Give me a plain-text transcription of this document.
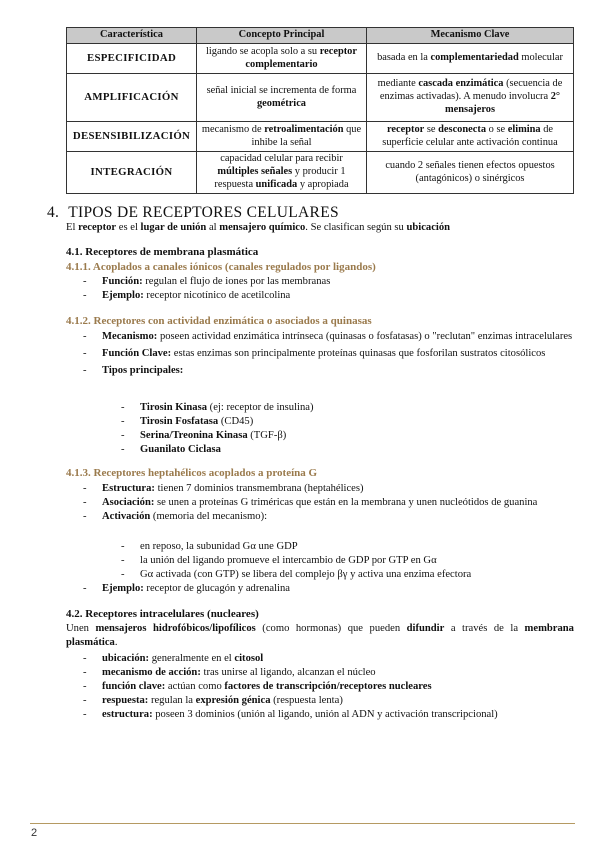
Característica	Concepto Principal	Mecanismo Clave
ESPECIFICIDAD	ligando se acopla solo a su receptor complementario	basada en la complementariedad molecular
AMPLIFICACIÓN	señal inicial se incrementa de forma geométrica	mediante cascada enzimática (secuencia de enzimas activadas). A menudo involucra 2° mensajeros
DESENSIBILIZACIÓN	mecanismo de retroalimentación que inhibe la señal	receptor se desconecta o se elimina de superficie celular ante activación continua
INTEGRACIÓN	capacidad celular para recibir múltiples señales y producir 1 respuesta unificada y apropiada	cuando 2 señales tienen efectos opuestos (antagónicos) o sinérgicos
4. TIPOS DE RECEPTORES CELULARES
El receptor es el lugar de unión al mensajero químico. Se clasifican según su ubicación
4.1. Receptores de membrana plasmática
4.1.1. Acoplados a canales iónicos (canales regulados por ligandos)
- Función: regulan el flujo de iones por las membranas
- Ejemplo: receptor nicotínico de acetilcolina
4.1.2. Receptores con actividad enzimática o asociados a quinasas
- Mecanismo: poseen actividad enzimática intrínseca (quinasas o fosfatasas) o "reclutan" enzimas intracelulares
- Función Clave: estas enzimas son principalmente proteínas quinasas que fosforilan sustratos citosólicos
- Tipos principales:
- Tirosin Kinasa (ej: receptor de insulina)
- Tirosin Fosfatasa (CD45)
- Serina/Treonina Kinasa (TGF-β)
- Guanilato Ciclasa
4.1.3. Receptores heptahélicos acoplados a proteína G
- Estructura: tienen 7 dominios transmembrana (heptahélices)
- Asociación: se unen a proteínas G triméricas que están en la membrana y unen nucleótidos de guanina
- Activación (memoria del mecanismo):
- en reposo, la subunidad Gα une GDP
- la unión del ligando promueve el intercambio de GDP por GTP en Gα
- Gα activada (con GTP) se libera del complejo βγ y activa una enzima efectora
- Ejemplo: receptor de glucagón y adrenalina
4.2. Receptores intracelulares (nucleares)
Unen mensajeros hidrofóbicos/lipofílicos (como hormonas) que pueden difundir a través de la membrana plasmática.
- ubicación: generalmente en el citosol
- mecanismo de acción: tras unirse al ligando, alcanzan el núcleo
- función clave: actúan como factores de transcripción/receptores nucleares
- respuesta: regulan la expresión génica (respuesta lenta)
- estructura: poseen 3 dominios (unión al ligando, unión al ADN y activación transcripcional)
2
